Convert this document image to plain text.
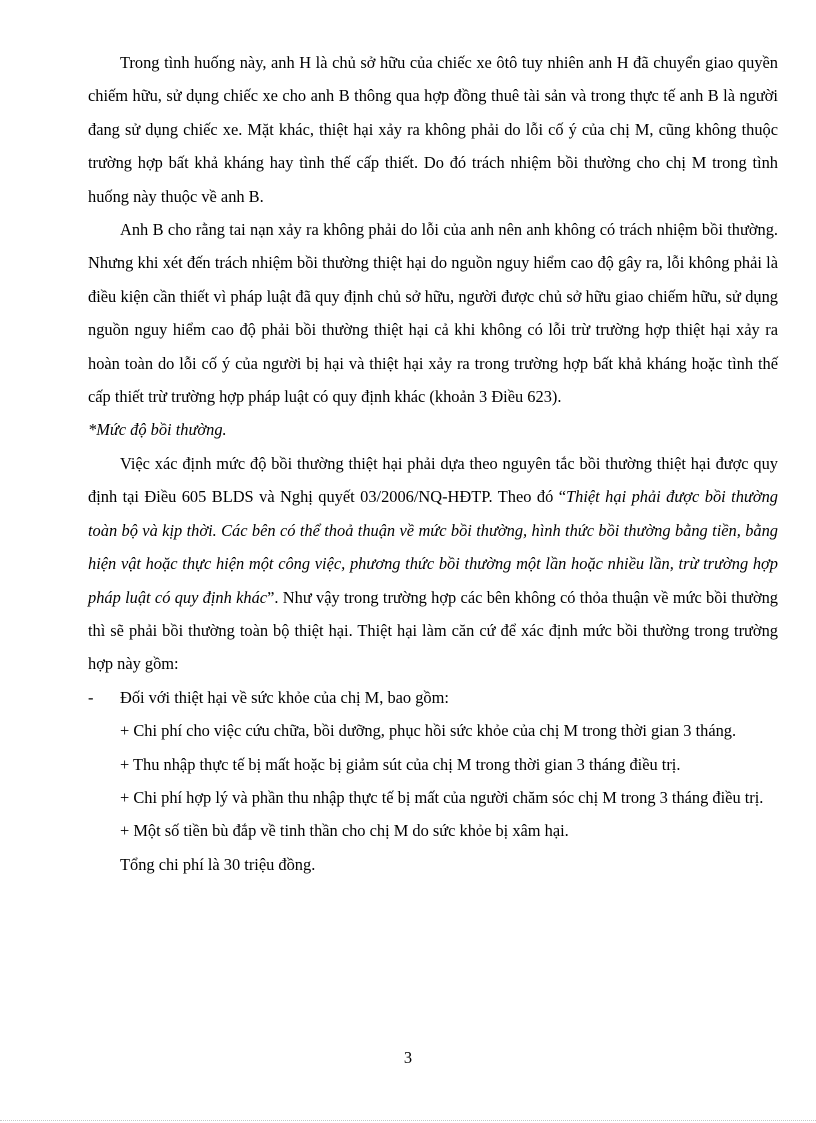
Trong tình huống này, anh H là chủ sở hữu của chiếc xe ôtô tuy nhiên anh H đã chuyển giao quyền chiếm hữu, sử dụng chiếc xe cho anh B thông qua hợp đồng thuê tài sản và trong thực tế anh B là người đang sử dụng chiếc xe. Mặt khác, thiệt hại xảy ra không phải do lỗi cố ý của chị M, cũng không thuộc trường hợp bất khả kháng hay tình thế cấp thiết. Do đó trách nhiệm bồi thường cho chị M trong tình huống này thuộc về anh B.

Anh B cho rằng tai nạn xảy ra không phải do lỗi của anh nên anh không có trách nhiệm bồi thường. Nhưng khi xét đến trách nhiệm bồi thường thiệt hại do nguồn nguy hiểm cao độ gây ra, lỗi không phải là điều kiện cần thiết vì pháp luật đã quy định chủ sở hữu, người được chủ sở hữu giao chiếm hữu, sử dụng nguồn nguy hiểm cao độ phải bồi thường thiệt hại cả khi không có lỗi trừ trường hợp thiệt hại xảy ra hoàn toàn do lỗi cố ý của người bị hại và thiệt hại xảy ra trong trường hợp bất khả kháng hoặc tình thế cấp thiết trừ trường hợp pháp luật có quy định khác (khoản 3 Điều 623).

*Mức độ bồi thường.

Việc xác định mức độ bồi thường thiệt hại phải dựa theo nguyên tắc bồi thường thiệt hại được quy định tại Điều 605 BLDS và Nghị quyết 03/2006/NQ-HĐTP. Theo đó “Thiệt hại phải được bồi thường toàn bộ và kịp thời. Các bên có thể thoả thuận về mức bồi thường, hình thức bồi thường bằng tiền, bằng hiện vật hoặc thực hiện một công việc, phương thức bồi thường một lần hoặc nhiều lần, trừ trường hợp pháp luật có quy định khác”. Như vậy trong trường hợp các bên không có thỏa thuận về mức bồi thường thì sẽ phải bồi thường toàn bộ thiệt hại. Thiệt hại làm căn cứ để xác định mức bồi thường trong trường hợp này gồm:

-	Đối với thiệt hại về sức khỏe của chị M, bao gồm:

+ Chi phí cho việc cứu chữa, bồi dưỡng, phục hồi sức khỏe của chị M trong thời gian 3 tháng.

+ Thu nhập thực tế bị mất hoặc bị giảm sút của chị M trong thời gian 3 tháng điều trị.

+ Chi phí hợp lý và phần thu nhập thực tế bị mất của người chăm sóc chị M trong 3 tháng điều trị.

+ Một số tiền bù đắp về tinh thần cho chị M do sức khỏe bị xâm hại.

Tổng chi phí là 30 triệu đồng.

3
